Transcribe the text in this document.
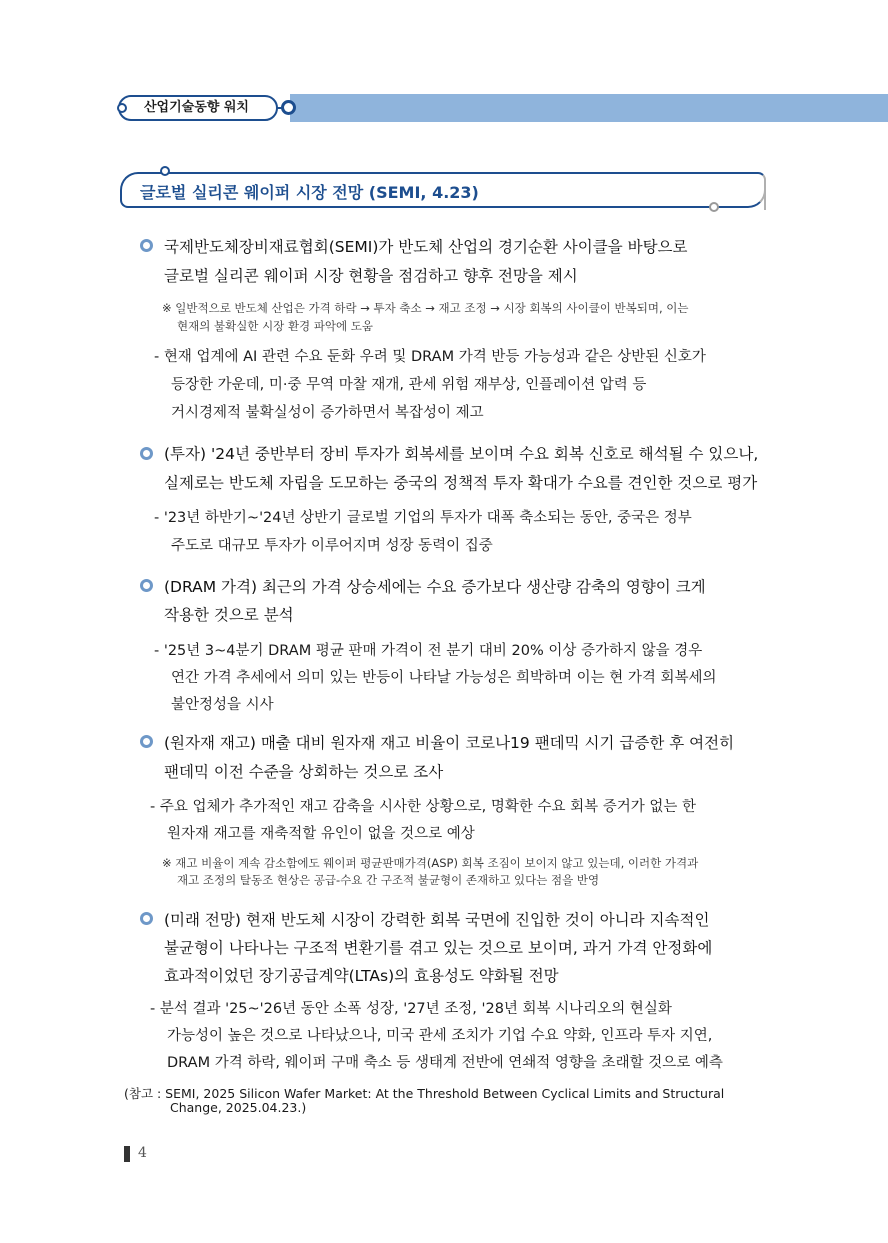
산업기술동향 워치
글로벌 실리콘 웨이퍼 시장 전망 (SEMI, 4.23)
국제반도체장비재료협회(SEMI)가 반도체 산업의 경기순환 사이클을 바탕으로
글로벌 실리콘 웨이퍼 시장 현황을 점검하고 향후 전망을 제시
※ 일반적으로 반도체 산업은 가격 하락 → 투자 축소 → 재고 조정 → 시장 회복의 사이클이 반복되며, 이는
현재의 불확실한 시장 환경 파악에 도움
- 현재 업계에 AI 관련 수요 둔화 우려 및 DRAM 가격 반등 가능성과 같은 상반된 신호가
등장한 가운데, 미·중 무역 마찰 재개, 관세 위험 재부상, 인플레이션 압력 등
거시경제적 불확실성이 증가하면서 복잡성이 제고
(투자) '24년 중반부터 장비 투자가 회복세를 보이며 수요 회복 신호로 해석될 수 있으나,
실제로는 반도체 자립을 도모하는 중국의 정책적 투자 확대가 수요를 견인한 것으로 평가
- '23년 하반기~'24년 상반기 글로벌 기업의 투자가 대폭 축소되는 동안, 중국은 정부
주도로 대규모 투자가 이루어지며 성장 동력이 집중
(DRAM 가격) 최근의 가격 상승세에는 수요 증가보다 생산량 감축의 영향이 크게
작용한 것으로 분석
- '25년 3~4분기 DRAM 평균 판매 가격이 전 분기 대비 20% 이상 증가하지 않을 경우
연간 가격 추세에서 의미 있는 반등이 나타날 가능성은 희박하며 이는 현 가격 회복세의
불안정성을 시사
(원자재 재고) 매출 대비 원자재 재고 비율이 코로나19 팬데믹 시기 급증한 후 여전히
팬데믹 이전 수준을 상회하는 것으로 조사
- 주요 업체가 추가적인 재고 감축을 시사한 상황으로, 명확한 수요 회복 증거가 없는 한
원자재 재고를 재축적할 유인이 없을 것으로 예상
※ 재고 비율이 계속 감소함에도 웨이퍼 평균판매가격(ASP) 회복 조짐이 보이지 않고 있는데, 이러한 가격과
재고 조정의 탈동조 현상은 공급-수요 간 구조적 불균형이 존재하고 있다는 점을 반영
(미래 전망) 현재 반도체 시장이 강력한 회복 국면에 진입한 것이 아니라 지속적인
불균형이 나타나는 구조적 변환기를 겪고 있는 것으로 보이며, 과거 가격 안정화에
효과적이었던 장기공급계약(LTAs)의 효용성도 약화될 전망
- 분석 결과 '25~'26년 동안 소폭 성장, '27년 조정, '28년 회복 시나리오의 현실화
가능성이 높은 것으로 나타났으나, 미국 관세 조치가 기업 수요 약화, 인프라 투자 지연,
DRAM 가격 하락, 웨이퍼 구매 축소 등 생태계 전반에 연쇄적 영향을 초래할 것으로 예측
(참고 : SEMI, 2025 Silicon Wafer Market: At the Threshold Between Cyclical Limits and Structural
Change, 2025.04.23.)
4
